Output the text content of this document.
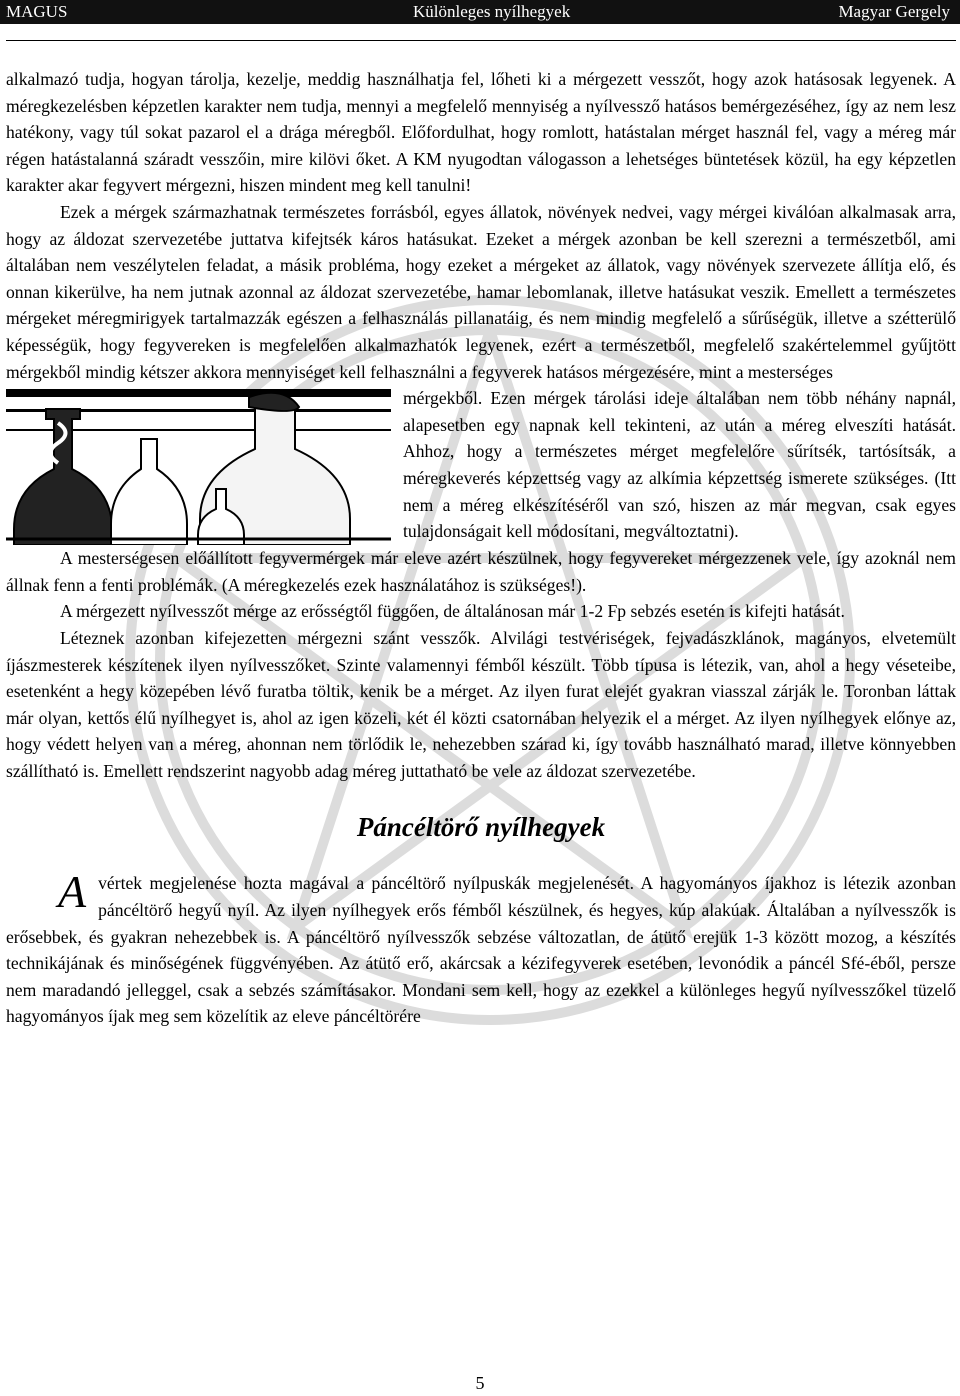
MAGUS	Különleges nyílhegyek	Magyar Gergely

alkalmazó tudja, hogyan tárolja, kezelje, meddig használhatja fel, lőheti ki a mérgezett vesszőt, hogy azok hatásosak legyenek. A méregkezelésben képzetlen karakter nem tudja, mennyi a megfelelő mennyiség a nyílvessző hatásos bemérgezéséhez, így az nem lesz hatékony, vagy túl sokat pazarol el a drága méregből. Előfordulhat, hogy romlott, hatástalan mérget használ fel, vagy a méreg már régen hatástalanná száradt vesszőin, mire kilövi őket. A KM nyugodtan válogasson a lehetséges büntetések közül, ha egy képzetlen karakter akar fegyvert mérgezni, hiszen mindent meg kell tanulni!

Ezek a mérgek származhatnak természetes forrásból, egyes állatok, növények nedvei, vagy mérgei kiválóan alkalmasak arra, hogy az áldozat szervezetébe juttatva kifejtsék káros hatásukat. Ezeket a mérgek azonban be kell szerezni a természetből, ami általában nem veszélytelen feladat, a másik probléma, hogy ezeket a mérgeket az állatok, vagy növények szervezete állítja elő, és onnan kikerülve, ha nem jutnak azonnal az áldozat szervezetébe, hamar lebomlanak, illetve hatásukat veszik. Emellett a természetes mérgeket méregmirigyek tartalmazzák egészen a felhasználás pillanatáig, és nem mindig megfelelő a sűrűségük, illetve a szétterülő képességük, hogy fegyvereken is megfelelően alkalmazhatók legyenek, ezért a természetből, megfelelő szakértelemmel gyűjtött mérgekből mindig kétszer akkora mennyiséget kell felhasználni a fegyverek hatásos mérgezésére, mint a mesterséges

mérgekből. Ezen mérgek tárolási ideje általában nem több néhány napnál, alapesetben egy napnak kell tekinteni, az után a méreg elveszíti hatását. Ahhoz, hogy a természetes mérget megfelelőre sűrítsék, tartósítsák, a méregkeverés képzettség vagy az alkímia képzettség ismerete szükséges. (Itt nem a méreg elkészítéséről van szó, hiszen az már megvan, csak egyes tulajdonságait kell módosítani, megváltoztatni).

A mesterségesen előállított fegyvermérgek már eleve azért készülnek, hogy fegyvereket mérgezzenek vele, így azoknál nem állnak fenn a fenti problémák. (A méregkezelés ezek használatához is szükséges!).

A mérgezett nyílvesszőt mérge az erősségtől függően, de általánosan már 1-2 Fp sebzés esetén is kifejti hatását.

Léteznek azonban kifejezetten mérgezni szánt vesszők. Alvilági testvériségek, fejvadászklánok, magányos, elvetemült íjászmesterek készítenek ilyen nyílvesszőket. Szinte valamennyi fémből készült. Több típusa is létezik, van, ahol a hegy véseteibe, esetenként a hegy közepében lévő furatba töltik, kenik be a mérget. Az ilyen furat elejét gyakran viasszal zárják le. Toronban láttak már olyan, kettős élű nyílhegyet is, ahol az igen közeli, két él közti csatornában helyezik el a mérget. Az ilyen nyílhegyek előnye az, hogy védett helyen van a méreg, ahonnan nem törlődik le, nehezebben szárad ki, így tovább használható marad, illetve könnyebben szállítható is. Emellett rendszerint nagyobb adag méreg juttatható be vele az áldozat szervezetébe.

Páncéltörő nyílhegyek

A vértek megjelenése hozta magával a páncéltörő nyílpuskák megjelenését. A hagyományos íjakhoz is létezik azonban páncéltörő hegyű nyíl. Az ilyen nyílhegyek erős fémből készülnek, és hegyes, kúp alakúak. Általában a nyílvesszők is erősebbek, és gyakran nehezebbek is. A páncéltörő nyílvesszők sebzése változatlan, de átütő erejük 1-3 között mozog, a készítés technikájának és minőségének függvényében. Az átütő erő, akárcsak a kézifegyverek esetében, levonódik a páncél Sfé-éből, persze nem maradandó jelleggel, csak a sebzés számításakor. Mondani sem kell, hogy az ezekkel a különleges hegyű nyílvesszőkel tüzelő hagyományos íjak meg sem közelítik az eleve páncéltörére

5
